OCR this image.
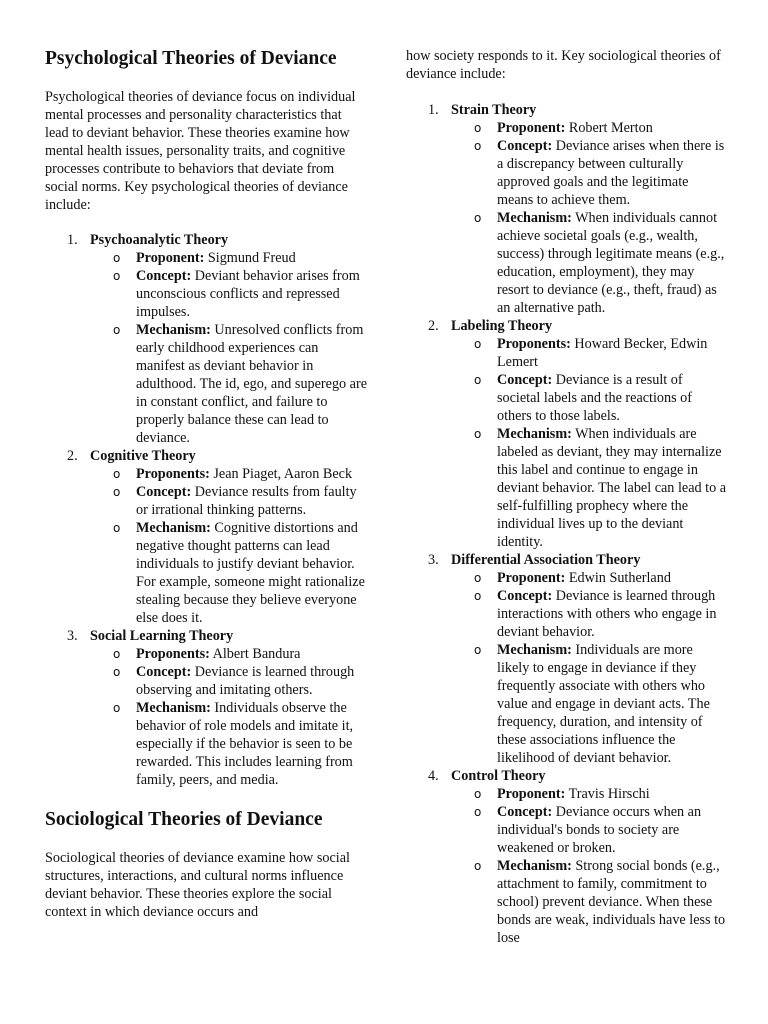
Psychological Theories of Deviance

Psychological theories of deviance focus on individual mental processes and personality characteristics that lead to deviant behavior. These theories examine how mental health issues, personality traits, and cognitive processes contribute to behaviors that deviate from social norms. Key psychological theories of deviance include:

1. Psychoanalytic Theory
o Proponent: Sigmund Freud
o Concept: Deviant behavior arises from unconscious conflicts and repressed impulses.
o Mechanism: Unresolved conflicts from early childhood experiences can manifest as deviant behavior in adulthood. The id, ego, and superego are in constant conflict, and failure to properly balance these can lead to deviance.
2. Cognitive Theory
o Proponents: Jean Piaget, Aaron Beck
o Concept: Deviance results from faulty or irrational thinking patterns.
o Mechanism: Cognitive distortions and negative thought patterns can lead individuals to justify deviant behavior. For example, someone might rationalize stealing because they believe everyone else does it.
3. Social Learning Theory
o Proponents: Albert Bandura
o Concept: Deviance is learned through observing and imitating others.
o Mechanism: Individuals observe the behavior of role models and imitate it, especially if the behavior is seen to be rewarded. This includes learning from family, peers, and media.
Sociological Theories of Deviance

Sociological theories of deviance examine how social structures, interactions, and cultural norms influence deviant behavior. These theories explore the social context in which deviance occurs and

how society responds to it. Key sociological theories of deviance include:

1. Strain Theory
o Proponent: Robert Merton
o Concept: Deviance arises when there is a discrepancy between culturally approved goals and the legitimate means to achieve them.
o Mechanism: When individuals cannot achieve societal goals (e.g., wealth, success) through legitimate means (e.g., education, employment), they may resort to deviance (e.g., theft, fraud) as an alternative path.
2. Labeling Theory
o Proponents: Howard Becker, Edwin Lemert
o Concept: Deviance is a result of societal labels and the reactions of others to those labels.
o Mechanism: When individuals are labeled as deviant, they may internalize this label and continue to engage in deviant behavior. The label can lead to a self-fulfilling prophecy where the individual lives up to the deviant identity.
3. Differential Association Theory
o Proponent: Edwin Sutherland
o Concept: Deviance is learned through interactions with others who engage in deviant behavior.
o Mechanism: Individuals are more likely to engage in deviance if they frequently associate with others who value and engage in deviant acts. The frequency, duration, and intensity of these associations influence the likelihood of deviant behavior.
4. Control Theory
o Proponent: Travis Hirschi
o Concept: Deviance occurs when an individual's bonds to society are weakened or broken.
o Mechanism: Strong social bonds (e.g., attachment to family, commitment to school) prevent deviance. When these bonds are weak, individuals have less to lose
